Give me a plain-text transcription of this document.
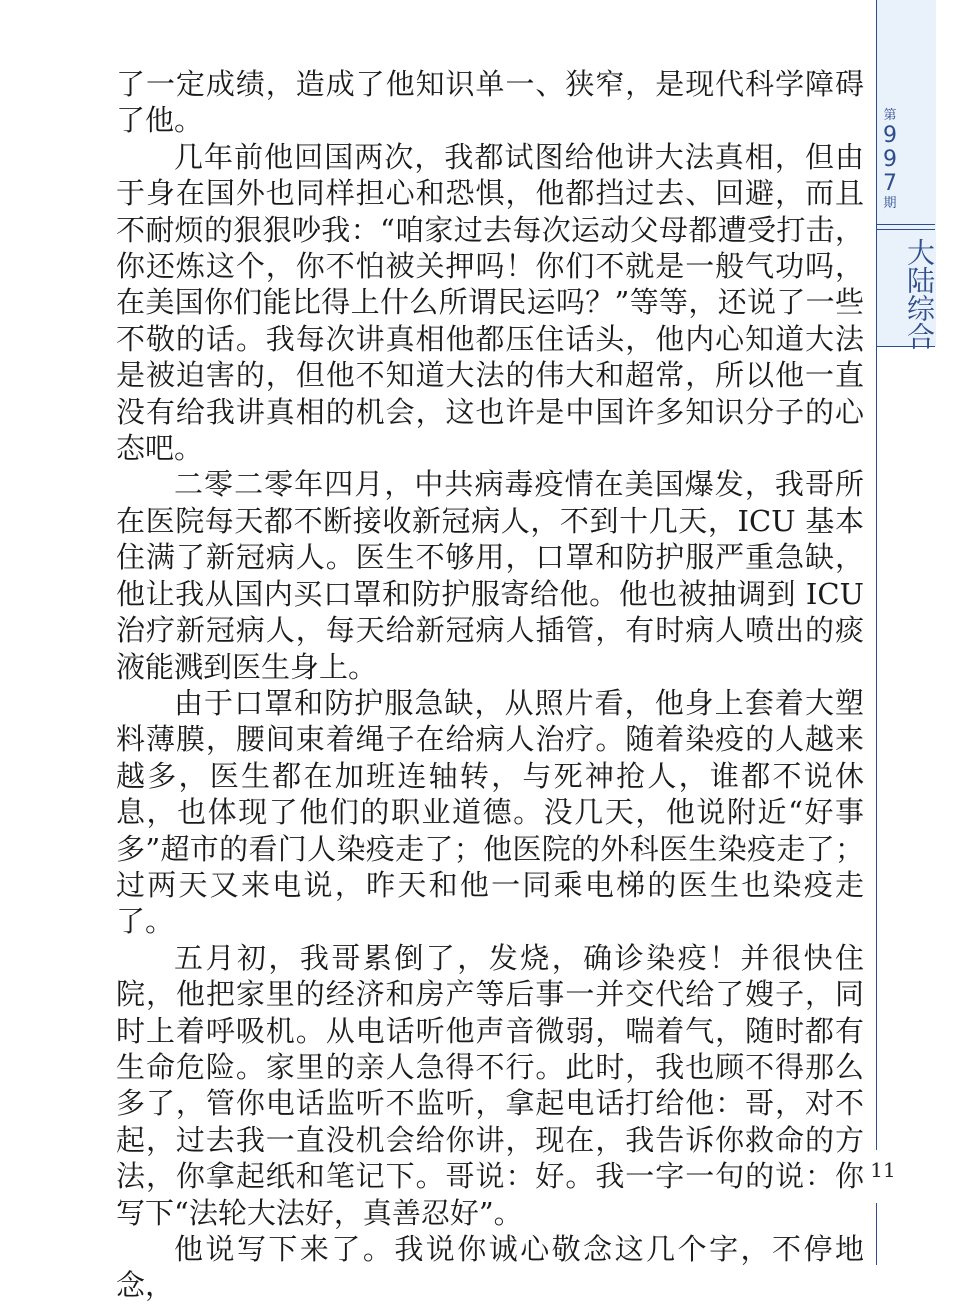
了一定成绩，造成了他知识单一、狭窄，是现代科学障碍了他。

几年前他回国两次，我都试图给他讲大法真相，但由于身在国外也同样担心和恐惧，他都挡过去、回避，而且不耐烦的狠狠吵我：“咱家过去每次运动父母都遭受打击，你还炼这个，你不怕被关押吗！你们不就是一般气功吗，在美国你们能比得上什么所谓民运吗？”等等，还说了一些不敬的话。我每次讲真相他都压住话头，他内心知道大法是被迫害的，但他不知道大法的伟大和超常，所以他一直没有给我讲真相的机会，这也许是中国许多知识分子的心态吧。

二零二零年四月，中共病毒疫情在美国爆发，我哥所在医院每天都不断接收新冠病人，不到十几天，ICU 基本住满了新冠病人。医生不够用，口罩和防护服严重急缺，他让我从国内买口罩和防护服寄给他。他也被抽调到 ICU 治疗新冠病人，每天给新冠病人插管，有时病人喷出的痰液能溅到医生身上。

由于口罩和防护服急缺，从照片看，他身上套着大塑料薄膜，腰间束着绳子在给病人治疗。随着染疫的人越来越多，医生都在加班连轴转，与死神抢人，谁都不说休息，也体现了他们的职业道德。没几天，他说附近“好事多”超市的看门人染疫走了；他医院的外科医生染疫走了；过两天又来电说，昨天和他一同乘电梯的医生也染疫走了。

五月初，我哥累倒了，发烧，确诊染疫！并很快住院，他把家里的经济和房产等后事一并交代给了嫂子，同时上着呼吸机。从电话听他声音微弱，喘着气，随时都有生命危险。家里的亲人急得不行。此时，我也顾不得那么多了，管你电话监听不监听，拿起电话打给他：哥，对不起，过去我一直没机会给你讲，现在，我告诉你救命的方法，你拿起纸和笔记下。哥说：好。我一字一句的说：你写下“法轮大法好，真善忍好”。

他说写下来了。我说你诚心敬念这几个字，不停地念，

第
9
9
7
期
大陆综合
11
